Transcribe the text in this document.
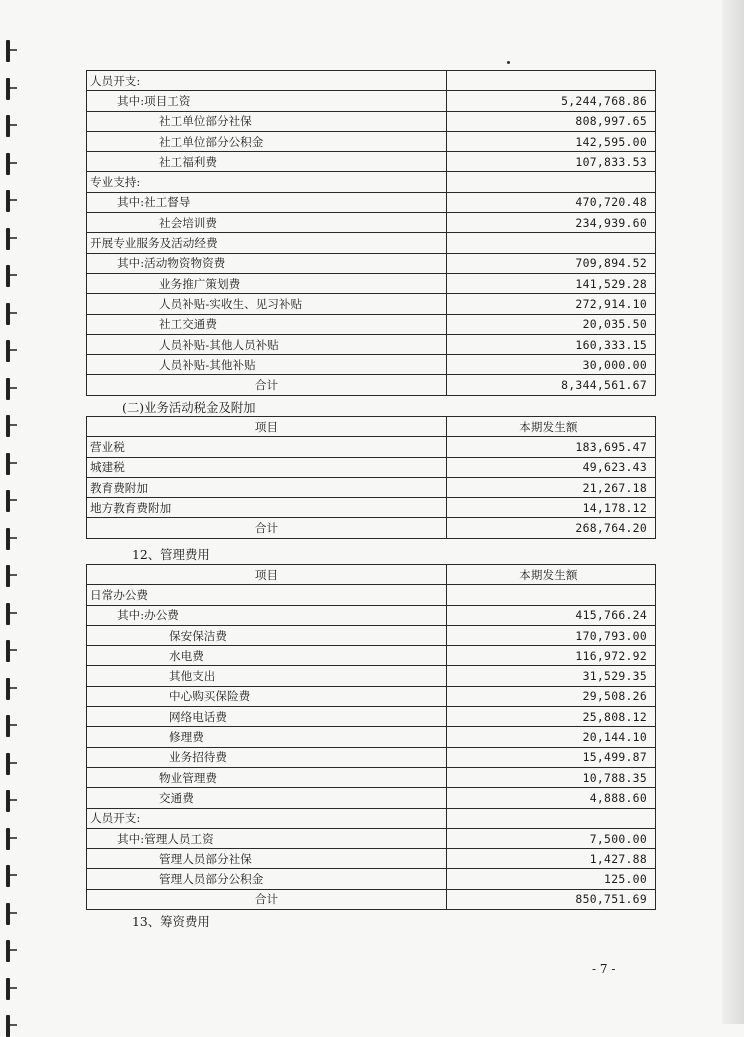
人员开支:	
其中:项目工资	5,244,768.86
社工单位部分社保	808,997.65
社工单位部分公积金	142,595.00
社工福利费	107,833.53
专业支持:	
其中:社工督导	470,720.48
社会培训费	234,939.60
开展专业服务及活动经费	
其中:活动物资物资费	709,894.52
业务推广策划费	141,529.28
人员补贴-实收生、见习补贴	272,914.10
社工交通费	20,035.50
人员补贴-其他人员补贴	160,333.15
人员补贴-其他补贴	30,000.00
合计	8,344,561.67
(二)业务活动税金及附加
项目	本期发生额
营业税	183,695.47
城建税	49,623.43
教育费附加	21,267.18
地方教育费附加	14,178.12
合计	268,764.20
12、管理费用
项目	本期发生额
日常办公费	
其中:办公费	415,766.24
保安保洁费	170,793.00
水电费	116,972.92
其他支出	31,529.35
中心购买保险费	29,508.26
网络电话费	25,808.12
修理费	20,144.10
业务招待费	15,499.87
物业管理费	10,788.35
交通费	4,888.60
人员开支:	
其中:管理人员工资	7,500.00
管理人员部分社保	1,427.88
管理人员部分公积金	125.00
合计	850,751.69
13、筹资费用
- 7 -
